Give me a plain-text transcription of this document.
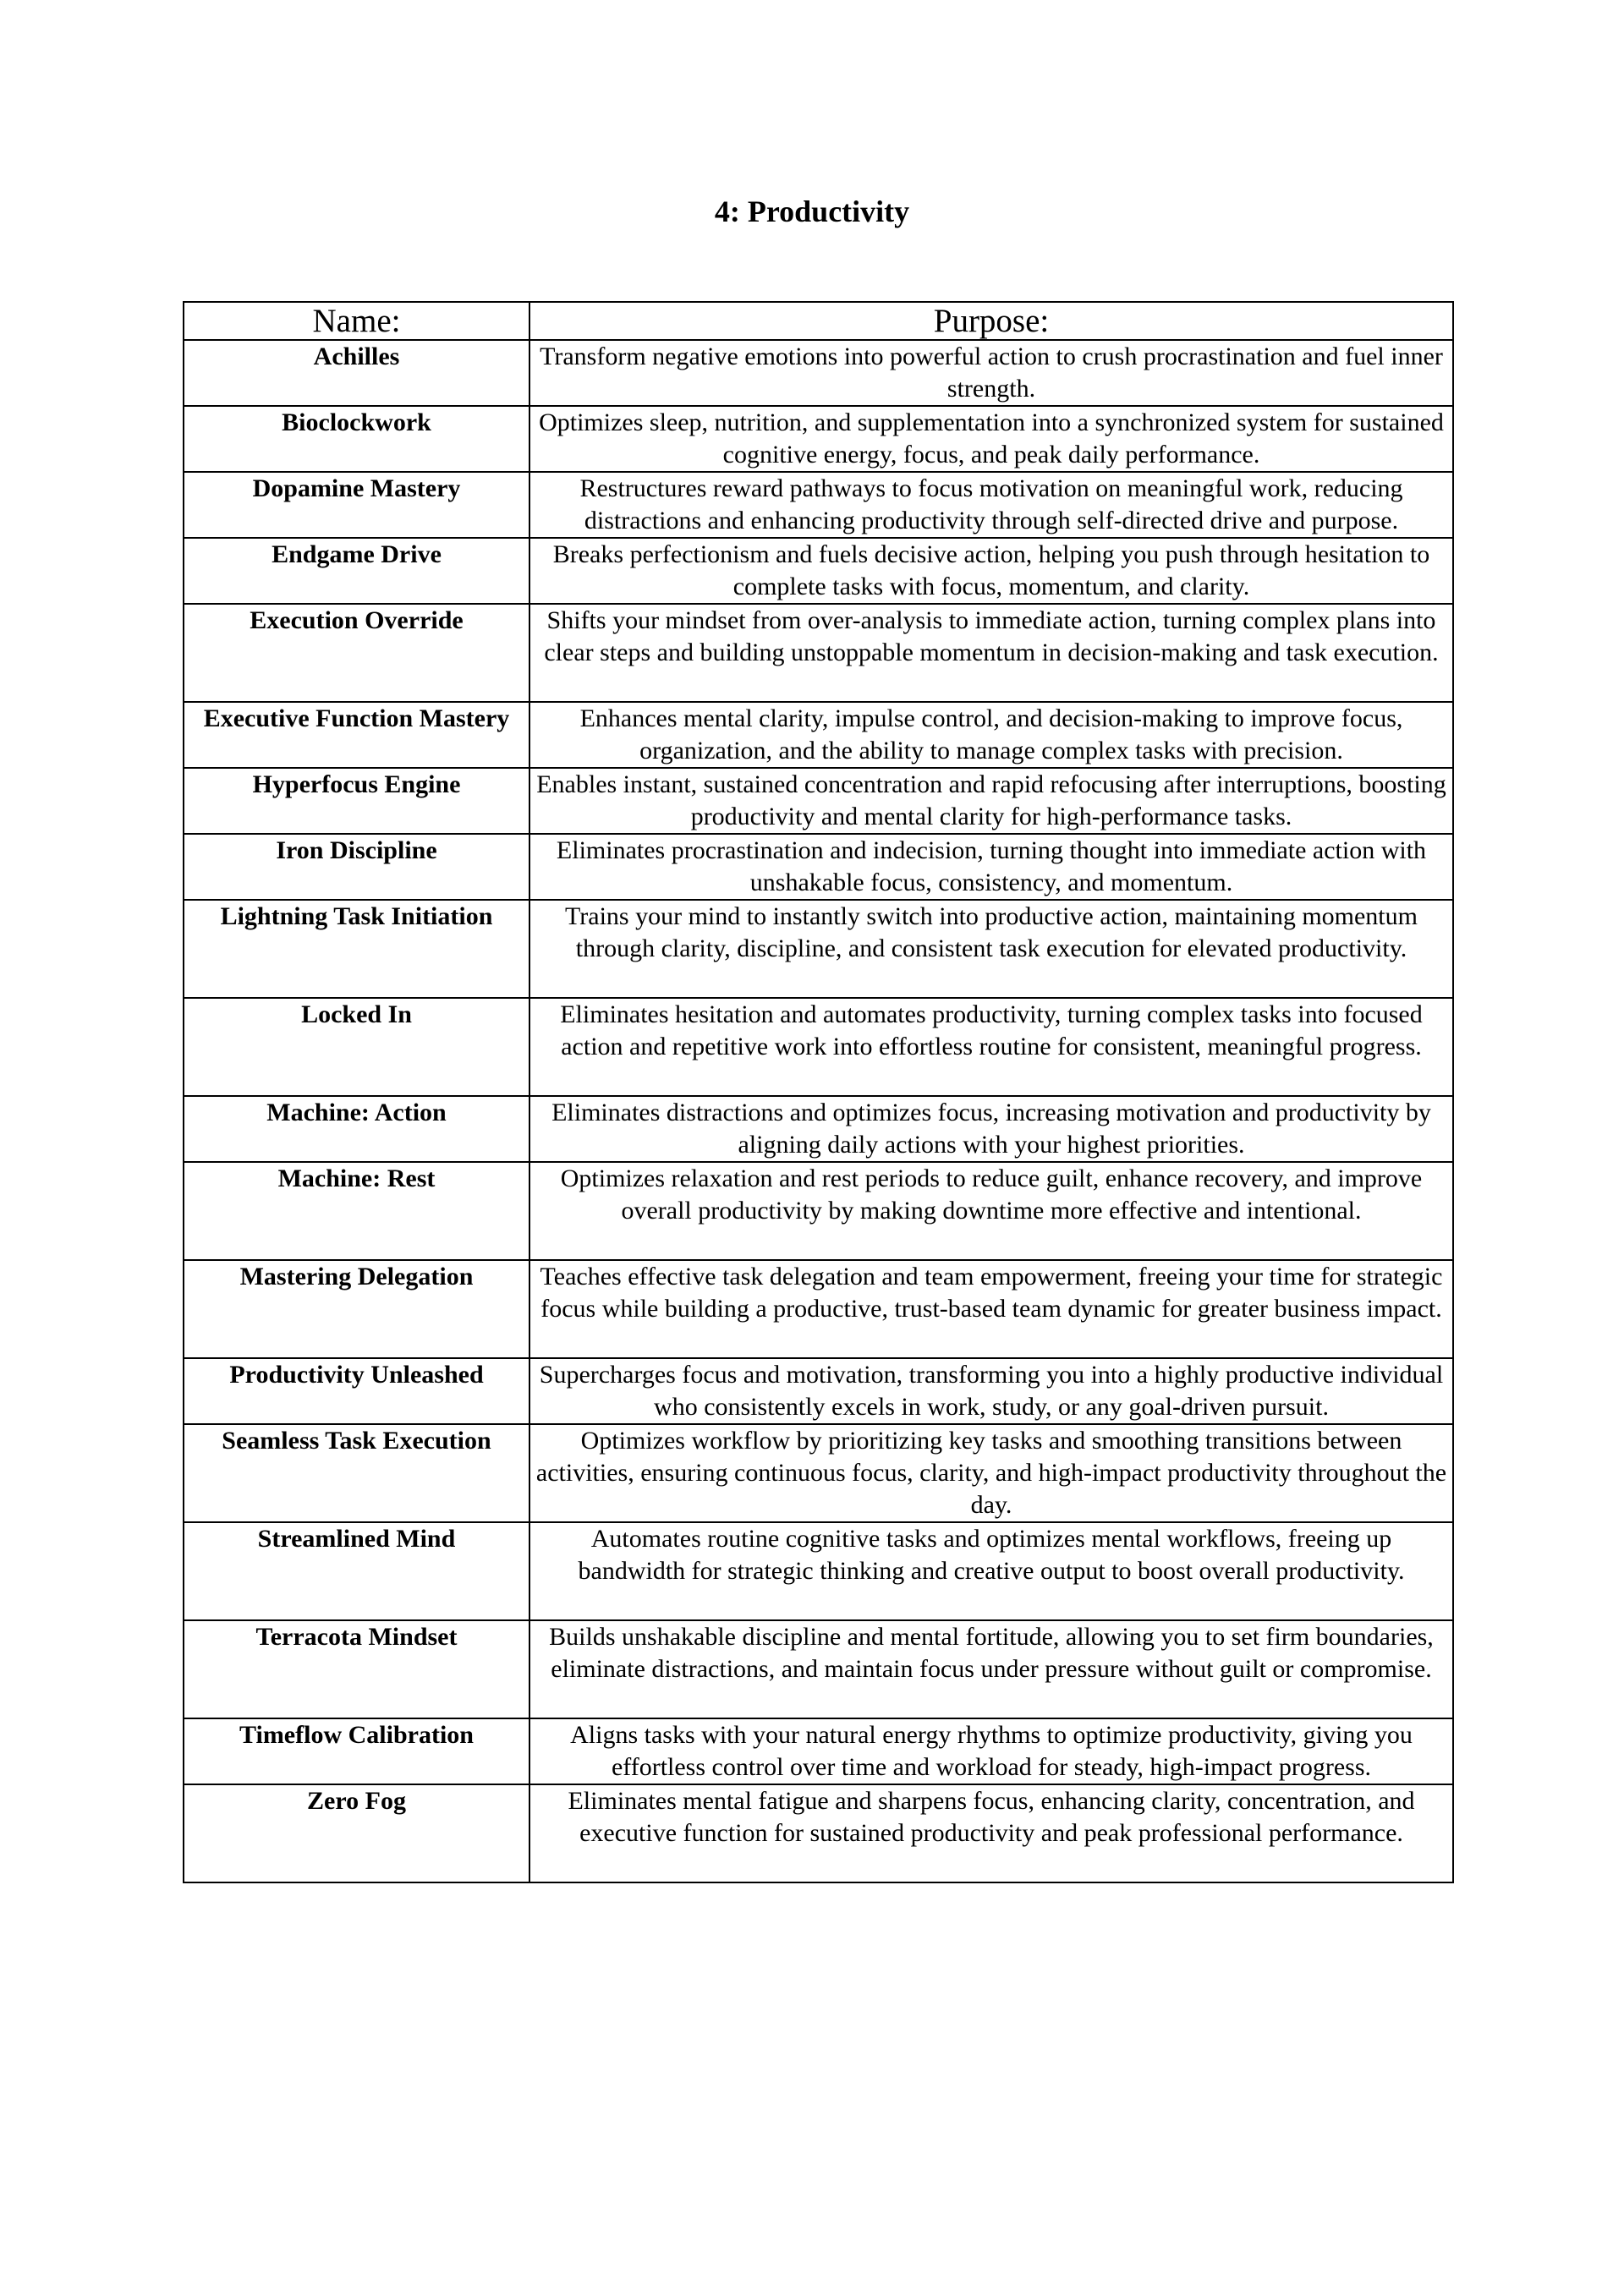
4: Productivity
Name:	Purpose:
Achilles	Transform negative emotions into powerful action to crush procrastination and fuel inner strength.
Bioclockwork	Optimizes sleep, nutrition, and supplementation into a synchronized system for sustained cognitive energy, focus, and peak daily performance.
Dopamine Mastery	Restructures reward pathways to focus motivation on meaningful work, reducing distractions and enhancing productivity through self-directed drive and purpose.
Endgame Drive	Breaks perfectionism and fuels decisive action, helping you push through hesitation to complete tasks with focus, momentum, and clarity.
Execution Override	Shifts your mindset from over-analysis to immediate action, turning complex plans into clear steps and building unstoppable momentum in decision-making and task execution.
Executive Function Mastery	Enhances mental clarity, impulse control, and decision-making to improve focus, organization, and the ability to manage complex tasks with precision.
Hyperfocus Engine	Enables instant, sustained concentration and rapid refocusing after interruptions, boosting productivity and mental clarity for high-performance tasks.
Iron Discipline	Eliminates procrastination and indecision, turning thought into immediate action with unshakable focus, consistency, and momentum.
Lightning Task Initiation	Trains your mind to instantly switch into productive action, maintaining momentum through clarity, discipline, and consistent task execution for elevated productivity.
Locked In	Eliminates hesitation and automates productivity, turning complex tasks into focused action and repetitive work into effortless routine for consistent, meaningful progress.
Machine: Action	Eliminates distractions and optimizes focus, increasing motivation and productivity by aligning daily actions with your highest priorities.
Machine: Rest	Optimizes relaxation and rest periods to reduce guilt, enhance recovery, and improve overall productivity by making downtime more effective and intentional.
Mastering Delegation	Teaches effective task delegation and team empowerment, freeing your time for strategic focus while building a productive, trust-based team dynamic for greater business impact.
Productivity Unleashed	Supercharges focus and motivation, transforming you into a highly productive individual who consistently excels in work, study, or any goal-driven pursuit.
Seamless Task Execution	Optimizes workflow by prioritizing key tasks and smoothing transitions between activities, ensuring continuous focus, clarity, and high-impact productivity throughout the day.
Streamlined Mind	Automates routine cognitive tasks and optimizes mental workflows, freeing up bandwidth for strategic thinking and creative output to boost overall productivity.
Terracota Mindset	Builds unshakable discipline and mental fortitude, allowing you to set firm boundaries, eliminate distractions, and maintain focus under pressure without guilt or compromise.
Timeflow Calibration	Aligns tasks with your natural energy rhythms to optimize productivity, giving you effortless control over time and workload for steady, high-impact progress.
Zero Fog	Eliminates mental fatigue and sharpens focus, enhancing clarity, concentration, and executive function for sustained productivity and peak professional performance.
